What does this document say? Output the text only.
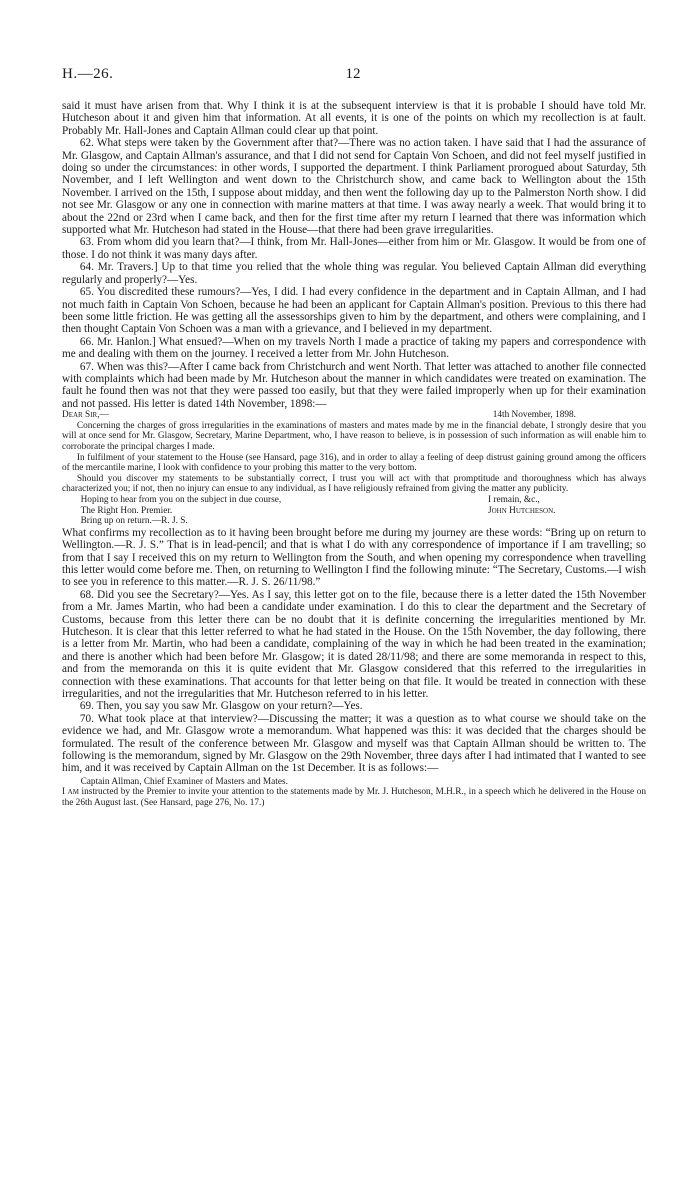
H.—26.	12

said it must have arisen from that. Why I think it is at the subsequent interview is that it is probable I should have told Mr. Hutcheson about it and given him that information. At all events, it is one of the points on which my recollection is at fault. Probably Mr. Hall-Jones and Captain Allman could clear up that point.

62. What steps were taken by the Government after that?—There was no action taken. I have said that I had the assurance of Mr. Glasgow, and Captain Allman's assurance, and that I did not send for Captain Von Schoen, and did not feel myself justified in doing so under the circumstances: in other words, I supported the department. I think Parliament prorogued about Saturday, 5th November, and I left Wellington and went down to the Christchurch show, and came back to Wellington about the 15th November. I arrived on the 15th, I suppose about midday, and then went the following day up to the Palmerston North show. I did not see Mr. Glasgow or any one in connection with marine matters at that time. I was away nearly a week. That would bring it to about the 22nd or 23rd when I came back, and then for the first time after my return I learned that there was information which supported what Mr. Hutcheson had stated in the House—that there had been grave irregularities.

63. From whom did you learn that?—I think, from Mr. Hall-Jones—either from him or Mr. Glasgow. It would be from one of those. I do not think it was many days after.

64. Mr. Travers.] Up to that time you relied that the whole thing was regular. You believed Captain Allman did everything regularly and properly?—Yes.

65. You discredited these rumours?—Yes, I did. I had every confidence in the department and in Captain Allman, and I had not much faith in Captain Von Schoen, because he had been an applicant for Captain Allman's position. Previous to this there had been some little friction. He was getting all the assessorships given to him by the department, and others were complaining, and I then thought Captain Von Schoen was a man with a grievance, and I believed in my department.

66. Mr. Hanlon.] What ensued?—When on my travels North I made a practice of taking my papers and correspondence with me and dealing with them on the journey. I received a letter from Mr. John Hutcheson.

67. When was this?—After I came back from Christchurch and went North. That letter was attached to another file connected with complaints which had been made by Mr. Hutcheson about the manner in which candidates were treated on examination. The fault he found then was not that they were passed too easily, but that they were failed improperly when up for their examination and not passed. His letter is dated 14th November, 1898:—

Dear Sir,—	14th November, 1898.

Concerning the charges of gross irregularities in the examinations of masters and mates made by me in the financial debate, I strongly desire that you will at once send for Mr. Glasgow, Secretary, Marine Department, who, I have reason to believe, is in possession of such information as will enable him to corroborate the principal charges I made.

In fulfilment of your statement to the House (see Hansard, page 316), and in order to allay a feeling of deep distrust gaining ground among the officers of the mercantile marine, I look with confidence to your probing this matter to the very bottom.

Should you discover my statements to be substantially correct, I trust you will act with that promptitude and thoroughness which has always characterized you; if not, then no injury can ensue to any individual, as I have religiously refrained from giving the matter any publicity.

Hoping to hear from you on the subject in due course,	I remain, &c.,
The Right Hon. Premier.	John Hutcheson.
Bring up on return.—R. J. S.

What confirms my recollection as to it having been brought before me during my journey are these words: “Bring up on return to Wellington.—R. J. S.” That is in lead-pencil; and that is what I do with any correspondence of importance if I am travelling; so from that I say I received this on my return to Wellington from the South, and when opening my correspondence when travelling this letter would come before me. Then, on returning to Wellington I find the following minute: “The Secretary, Customs.—I wish to see you in reference to this matter.—R. J. S. 26/11/98.”

68. Did you see the Secretary?—Yes. As I say, this letter got on to the file, because there is a letter dated the 15th November from a Mr. James Martin, who had been a candidate under examination. I do this to clear the department and the Secretary of Customs, because from this letter there can be no doubt that it is definite concerning the irregularities mentioned by Mr. Hutcheson. It is clear that this letter referred to what he had stated in the House. On the 15th November, the day following, there is a letter from Mr. Martin, who had been a candidate, complaining of the way in which he had been treated in the examination; and there is another which had been before Mr. Glasgow; it is dated 28/11/98; and there are some memoranda in respect to this, and from the memoranda on this it is quite evident that Mr. Glasgow considered that this referred to the irregularities in connection with these examinations. That accounts for that letter being on that file. It would be treated in connection with these irregularities, and not the irregularities that Mr. Hutcheson referred to in his letter.

69. Then, you say you saw Mr. Glasgow on your return?—Yes.

70. What took place at that interview?—Discussing the matter; it was a question as to what course we should take on the evidence we had, and Mr. Glasgow wrote a memorandum. What happened was this: it was decided that the charges should be formulated. The result of the conference between Mr. Glasgow and myself was that Captain Allman should be written to. The following is the memorandum, signed by Mr. Glasgow on the 29th November, three days after I had intimated that I wanted to see him, and it was received by Captain Allman on the 1st December. It is as follows:—

Captain Allman, Chief Examiner of Masters and Mates.

I am instructed by the Premier to invite your attention to the statements made by Mr. J. Hutcheson, M.H.R., in a speech which he delivered in the House on the 26th August last. (See Hansard, page 276, No. 17.)
